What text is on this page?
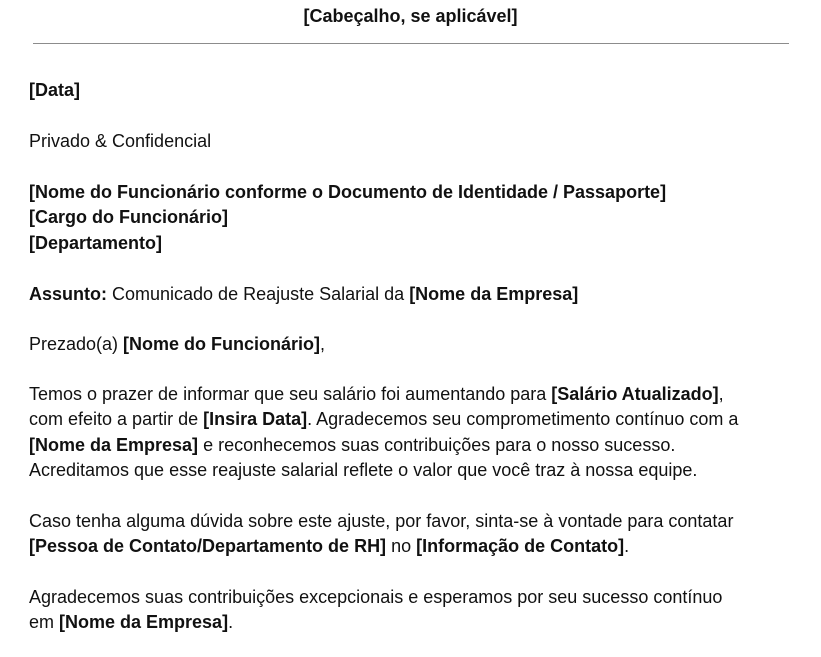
[Cabeçalho, se aplicável]
[Data]
Privado & Confidencial
[Nome do Funcionário conforme o Documento de Identidade / Passaporte]
[Cargo do Funcionário]
[Departamento]
Assunto: Comunicado de Reajuste Salarial da [Nome da Empresa]
Prezado(a) [Nome do Funcionário],
Temos o prazer de informar que seu salário foi aumentando para [Salário Atualizado],
com efeito a partir de [Insira Data]. Agradecemos seu comprometimento contínuo com a
[Nome da Empresa] e reconhecemos suas contribuições para o nosso sucesso.
Acreditamos que esse reajuste salarial reflete o valor que você traz à nossa equipe.
Caso tenha alguma dúvida sobre este ajuste, por favor, sinta-se à vontade para contatar
[Pessoa de Contato/Departamento de RH] no [Informação de Contato].
Agradecemos suas contribuições excepcionais e esperamos por seu sucesso contínuo
em [Nome da Empresa].
